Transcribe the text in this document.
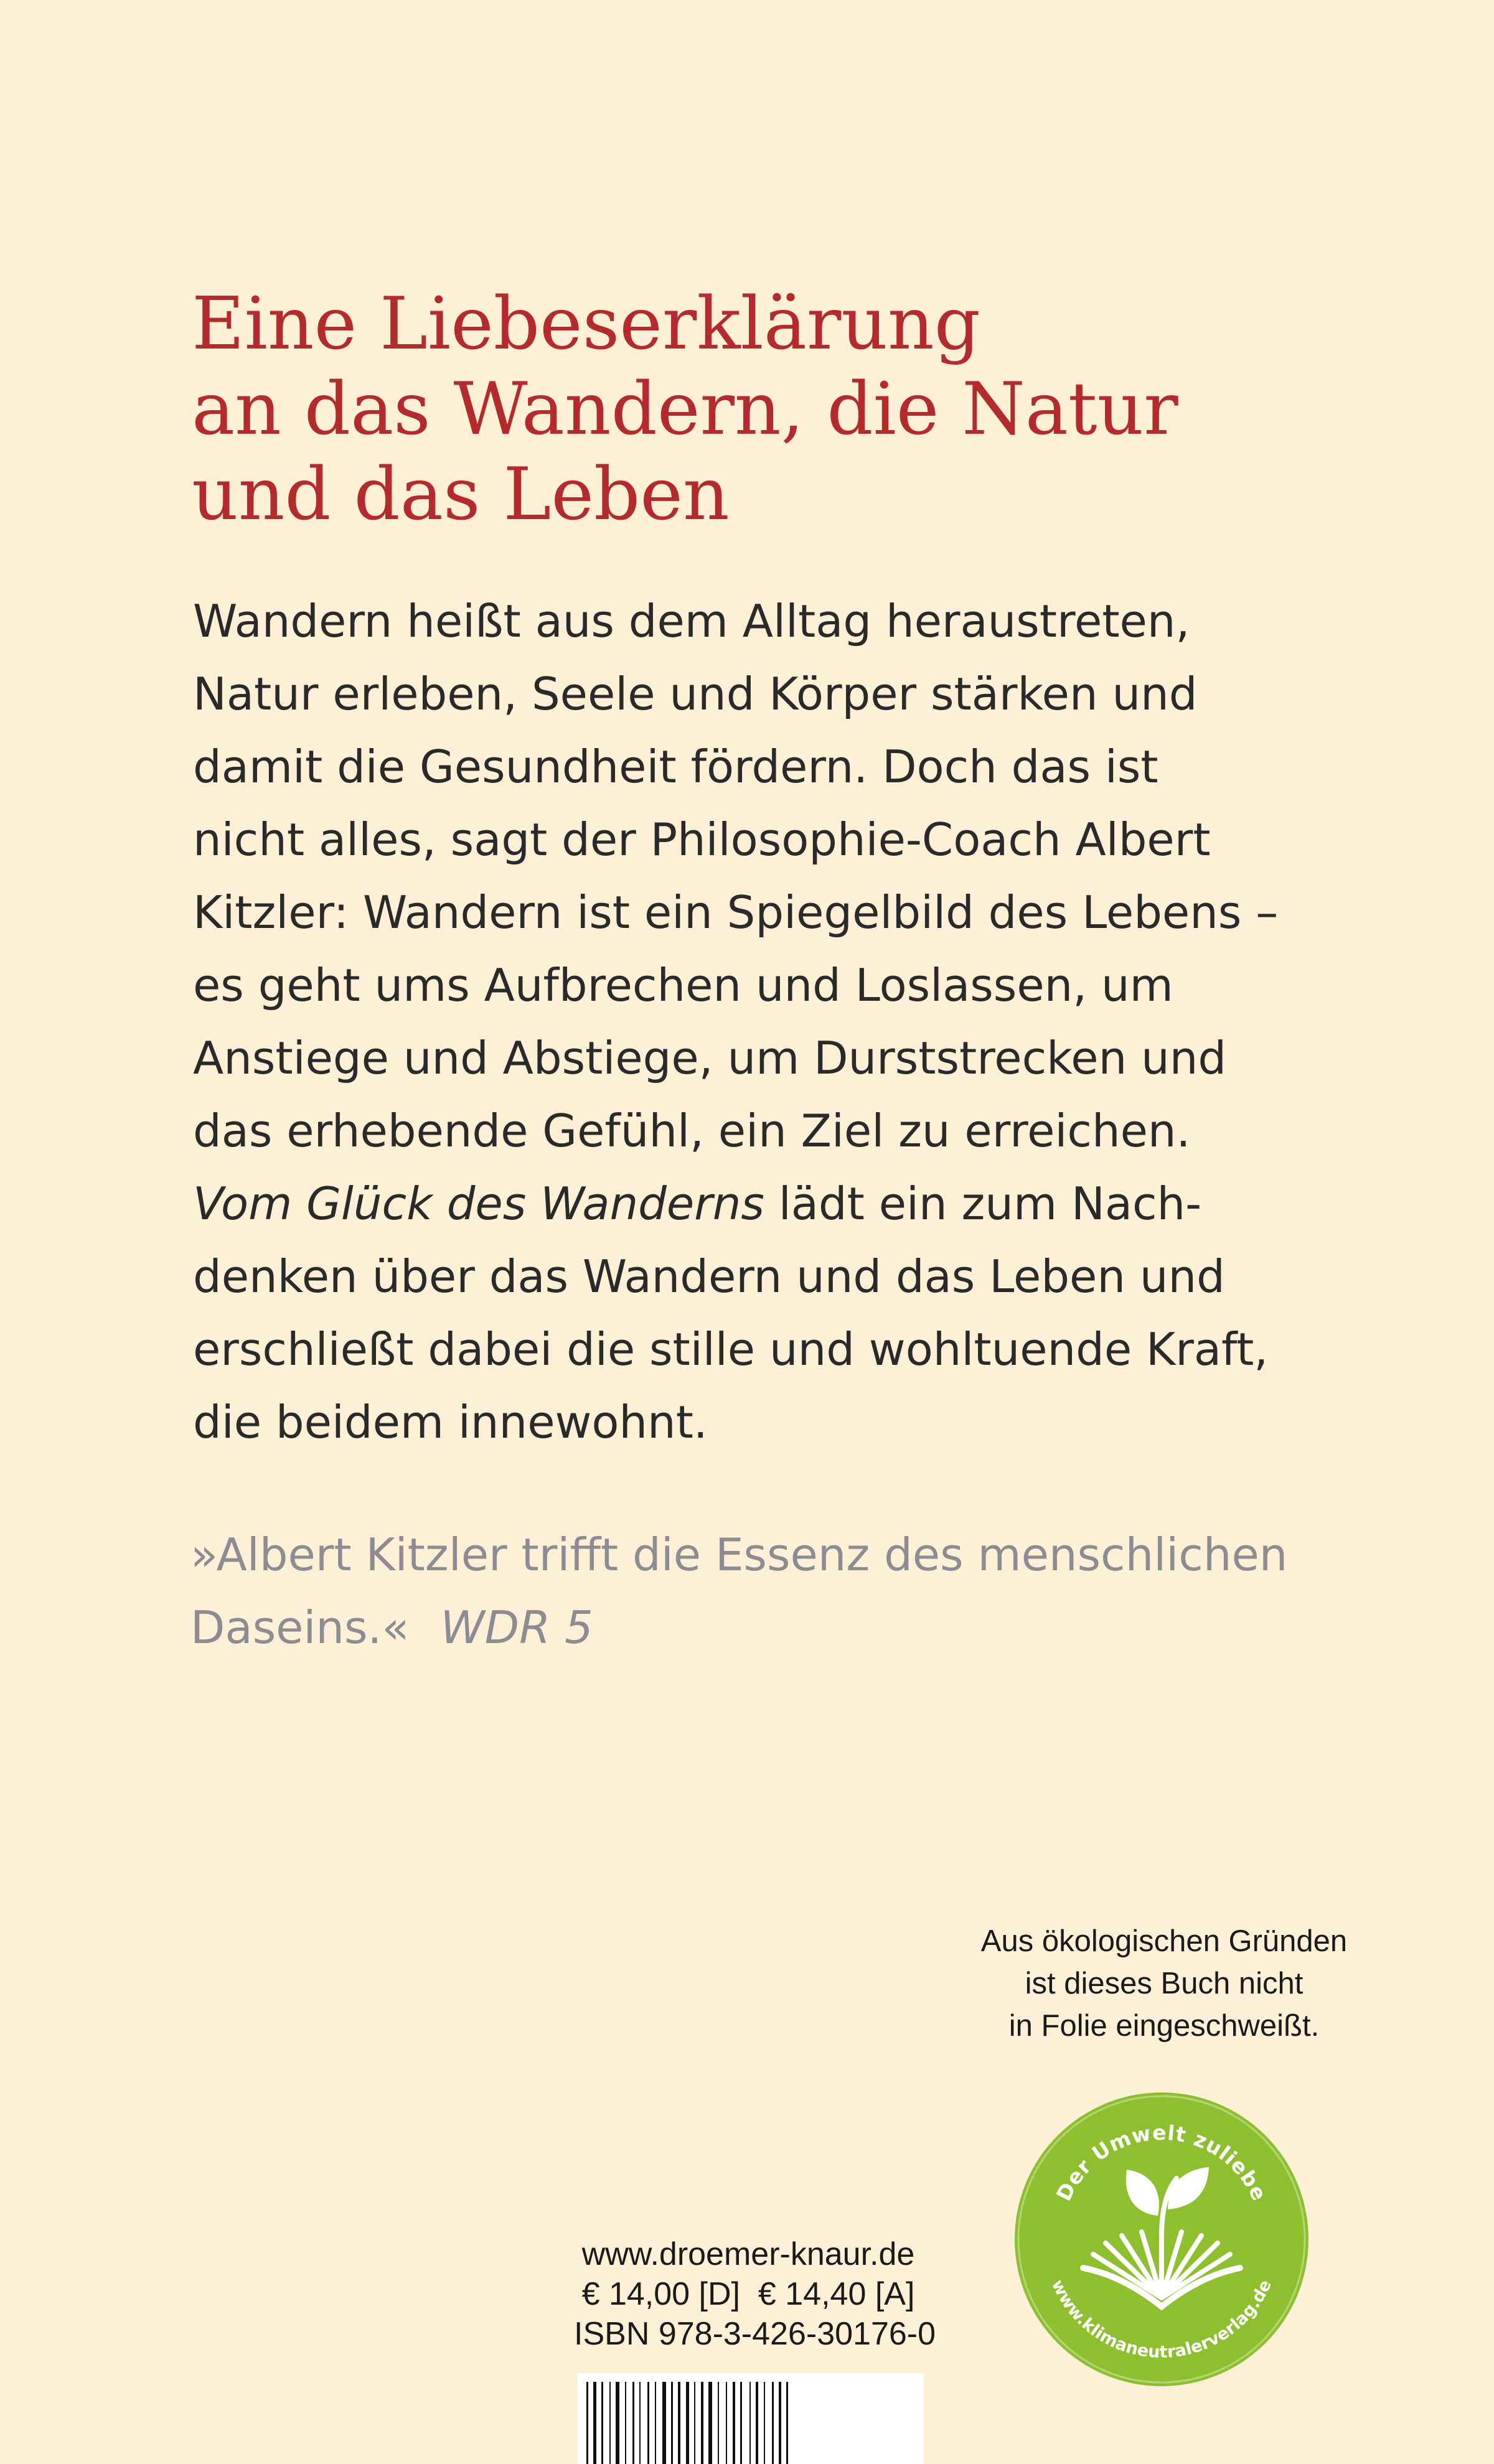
Eine Liebeserklärung
an das Wandern, die Natur
und das Leben
Wandern heißt aus dem Alltag heraustreten,
Natur erleben, Seele und Körper stärken und
damit die Gesundheit fördern. Doch das ist
nicht alles, sagt der Philosophie-Coach Albert
Kitzler: Wandern ist ein Spiegelbild des Lebens –
es geht ums Aufbrechen und Loslassen, um
Anstiege und Abstiege, um Durststrecken und
das erhebende Gefühl, ein Ziel zu erreichen.
Vom Glück des Wanderns lädt ein zum Nach-
denken über das Wandern und das Leben und
erschließt dabei die stille und wohltuende Kraft,
die beidem innewohnt.
»Albert Kitzler trifft die Essenz des menschlichen
Daseins.« WDR 5
Aus ökologischen Gründen
ist dieses Buch nicht
in Folie eingeschweißt.
Der Umwelt zuliebe
www.klimaneutralerverlag.de
www.droemer-knaur.de
€ 14,00 [D]  € 14,40 [A]
ISBN 978-3-426-30176-0
